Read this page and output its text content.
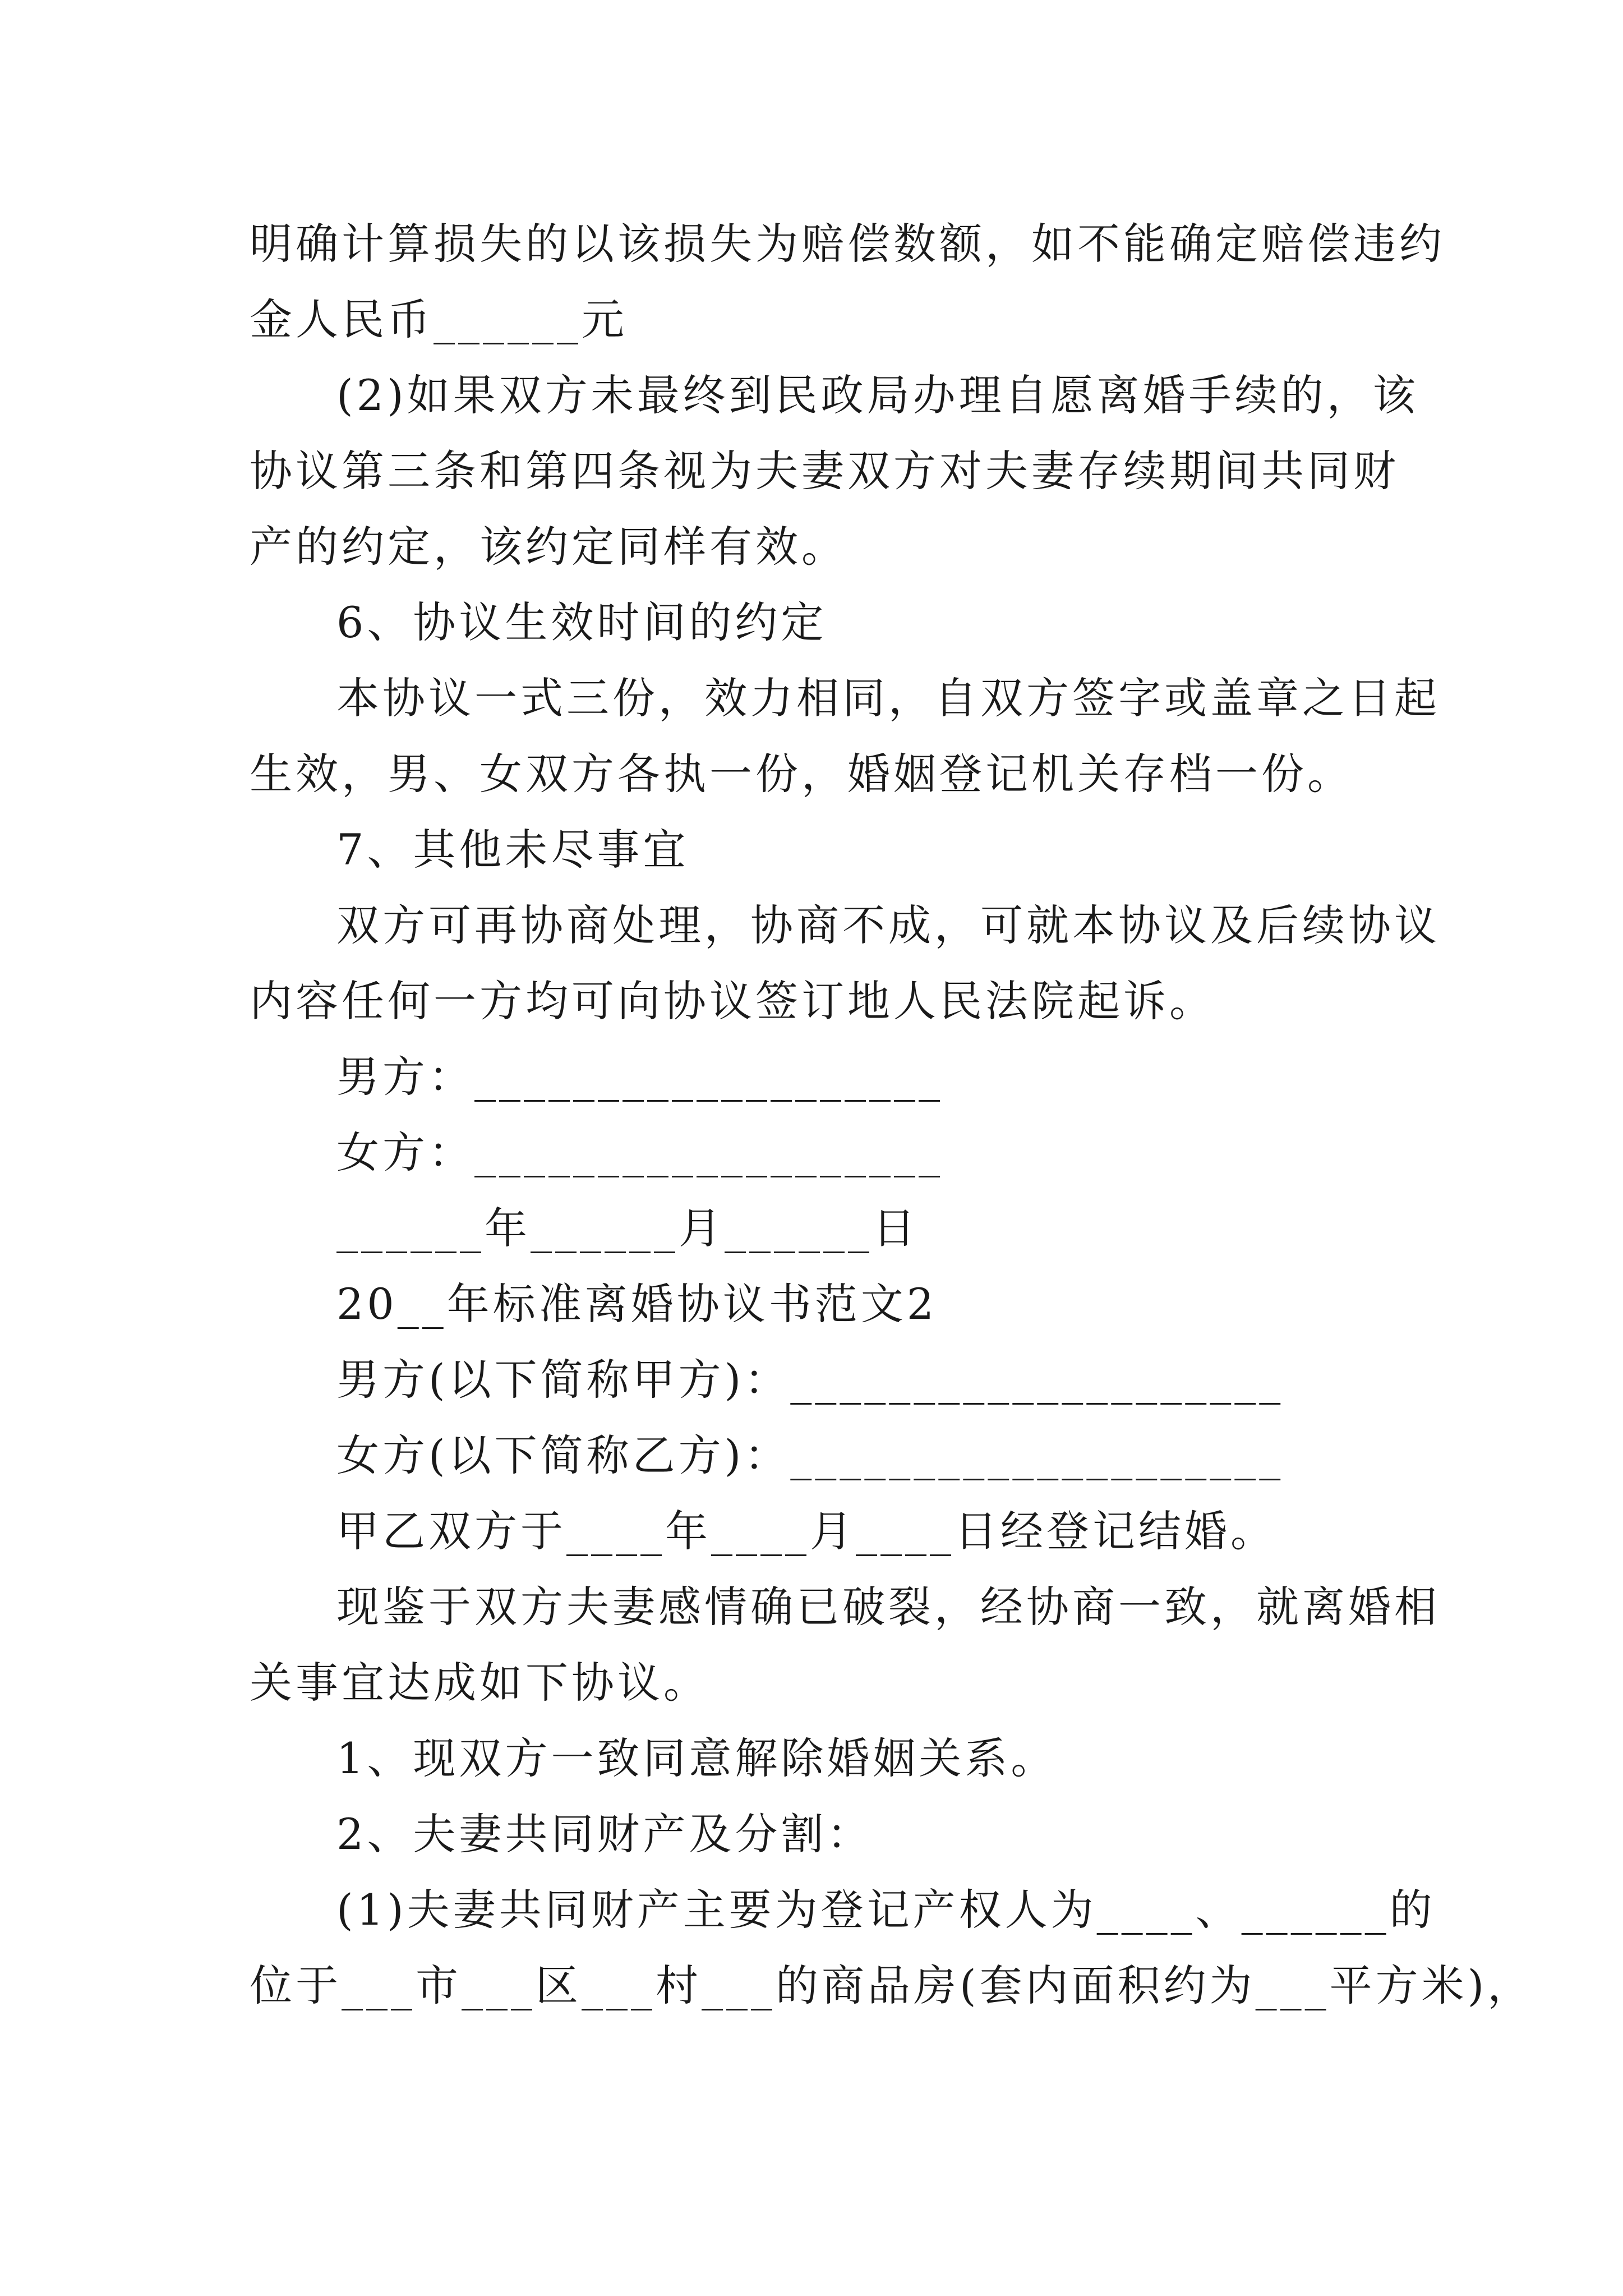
明确计算损失的以该损失为赔偿数额，如不能确定赔偿违约
金人民币______元
(2)如果双方未最终到民政局办理自愿离婚手续的，该
协议第三条和第四条视为夫妻双方对夫妻存续期间共同财
产的约定，该约定同样有效。
6、协议生效时间的约定
本协议一式三份，效力相同，自双方签字或盖章之日起
生效，男、女双方各执一份，婚姻登记机关存档一份。
7、其他未尽事宜
双方可再协商处理，协商不成，可就本协议及后续协议
内容任何一方均可向协议签订地人民法院起诉。
男方：___________________
女方：___________________
______年______月______日
20__年标准离婚协议书范文2
男方(以下简称甲方)：____________________
女方(以下简称乙方)：____________________
甲乙双方于____年____月____日经登记结婚。
现鉴于双方夫妻感情确已破裂，经协商一致，就离婚相
关事宜达成如下协议。
1、现双方一致同意解除婚姻关系。
2、夫妻共同财产及分割：
(1)夫妻共同财产主要为登记产权人为____、______的
位于___市___区___村___的商品房(套内面积约为___平方米)，
